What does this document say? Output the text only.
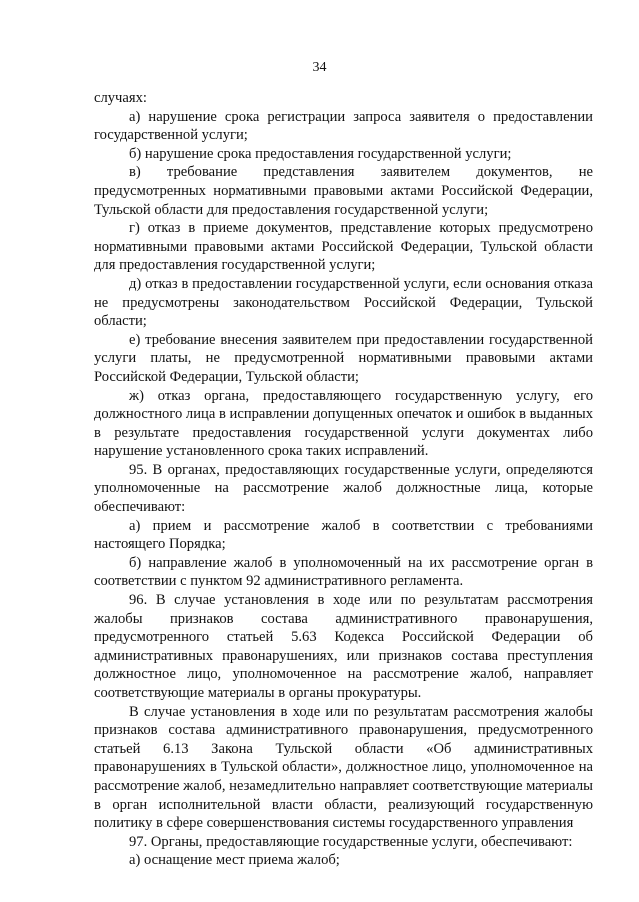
34

случаях:

а) нарушение срока регистрации запроса заявителя о предоставлении государственной услуги;

б) нарушение срока предоставления государственной услуги;

в) требование представления заявителем документов, не предусмотренных нормативными правовыми актами Российской Федерации, Тульской области для предоставления государственной услуги;

г) отказ в приеме документов, представление которых предусмотрено нормативными правовыми актами Российской Федерации, Тульской области для предоставления государственной услуги;

д) отказ в предоставлении государственной услуги, если основания отказа не предусмотрены законодательством Российской Федерации, Тульской области;

е) требование внесения заявителем при предоставлении государственной услуги платы, не предусмотренной нормативными правовыми актами Российской Федерации, Тульской области;

ж) отказ органа, предоставляющего государственную услугу, его должностного лица в исправлении допущенных опечаток и ошибок в выданных в результате предоставления государственной услуги документах либо нарушение установленного срока таких исправлений.

95. В органах, предоставляющих государственные услуги, определяются уполномоченные на рассмотрение жалоб должностные лица, которые обеспечивают:

а) прием и рассмотрение жалоб в соответствии с требованиями настоящего Порядка;

б) направление жалоб в уполномоченный на их рассмотрение орган в соответствии с пунктом 92 административного регламента.

96. В случае установления в ходе или по результатам рассмотрения жалобы признаков состава административного правонарушения, предусмотренного статьей 5.63 Кодекса Российской Федерации об административных правонарушениях, или признаков состава преступления должностное лицо, уполномоченное на рассмотрение жалоб, направляет соответствующие материалы в органы прокуратуры.

В случае установления в ходе или по результатам рассмотрения жалобы признаков состава административного правонарушения, предусмотренного статьей 6.13 Закона Тульской области «Об административных правонарушениях в Тульской области», должностное лицо, уполномоченное на рассмотрение жалоб, незамедлительно направляет соответствующие материалы в орган исполнительной власти области, реализующий государственную политику в сфере совершенствования системы государственного управления

97. Органы, предоставляющие государственные услуги, обеспечивают:

а) оснащение мест приема жалоб;
